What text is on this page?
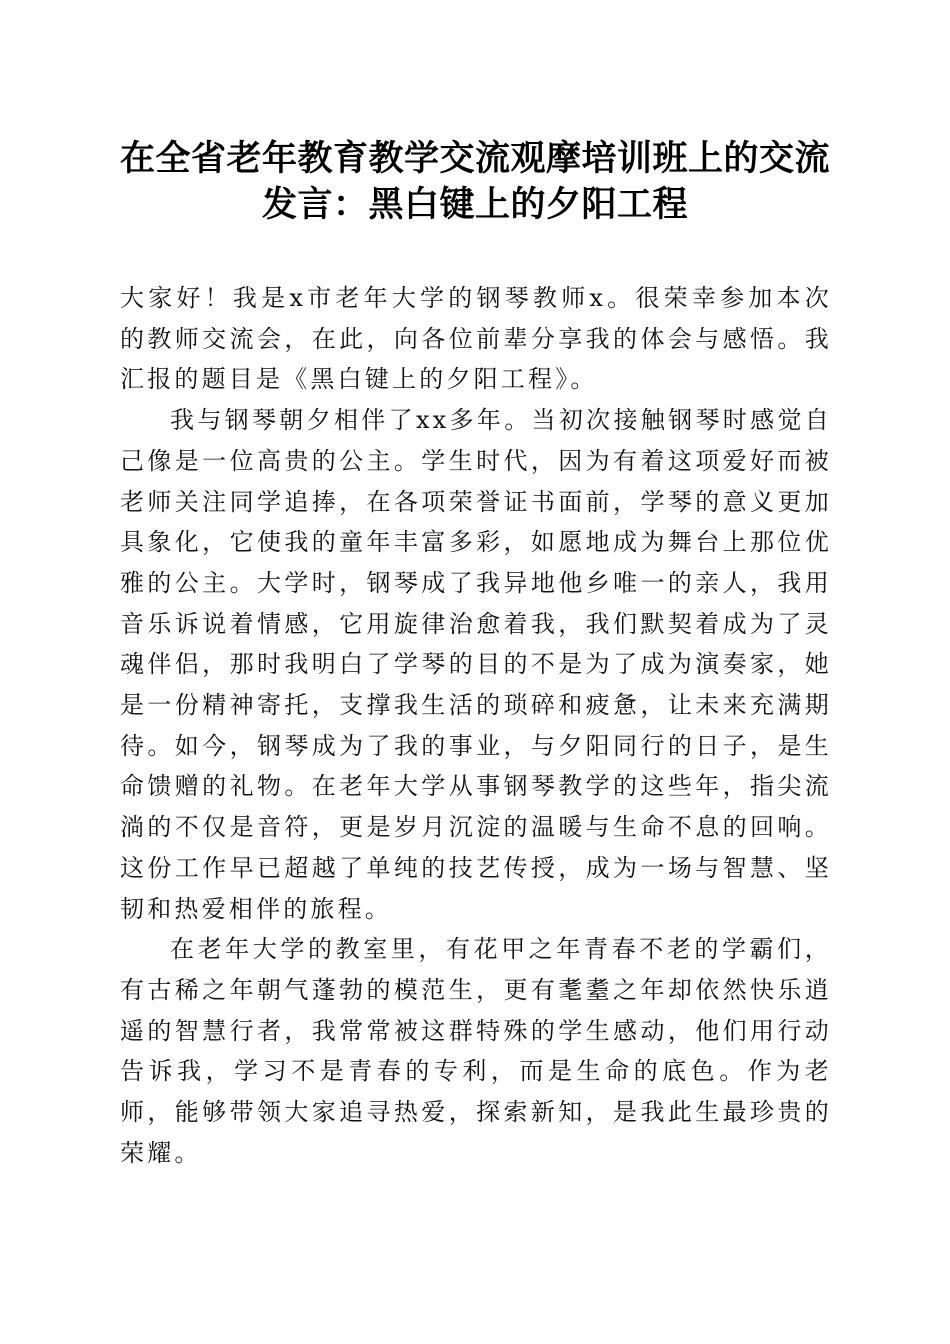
在全省老年教育教学交流观摩培训班上的交流
发言：黑白键上的夕阳工程

大家好！我是x市老年大学的钢琴教师x。很荣幸参加本次的教师交流会，在此，向各位前辈分享我的体会与感悟。我汇报的题目是《黑白键上的夕阳工程》。

我与钢琴朝夕相伴了xx多年。当初次接触钢琴时感觉自己像是一位高贵的公主。学生时代，因为有着这项爱好而被老师关注同学追捧，在各项荣誉证书面前，学琴的意义更加具象化，它使我的童年丰富多彩，如愿地成为舞台上那位优雅的公主。大学时，钢琴成了我异地他乡唯一的亲人，我用音乐诉说着情感，它用旋律治愈着我，我们默契着成为了灵魂伴侣，那时我明白了学琴的目的不是为了成为演奏家，她是一份精神寄托，支撑我生活的琐碎和疲惫，让未来充满期待。如今，钢琴成为了我的事业，与夕阳同行的日子，是生命馈赠的礼物。在老年大学从事钢琴教学的这些年，指尖流淌的不仅是音符，更是岁月沉淀的温暖与生命不息的回响。这份工作早已超越了单纯的技艺传授，成为一场与智慧、坚韧和热爱相伴的旅程。

在老年大学的教室里，有花甲之年青春不老的学霸们，有古稀之年朝气蓬勃的模范生，更有耄耋之年却依然快乐逍遥的智慧行者，我常常被这群特殊的学生感动，他们用行动告诉我，学习不是青春的专利，而是生命的底色。作为老师，能够带领大家追寻热爱，探索新知，是我此生最珍贵的荣耀。
